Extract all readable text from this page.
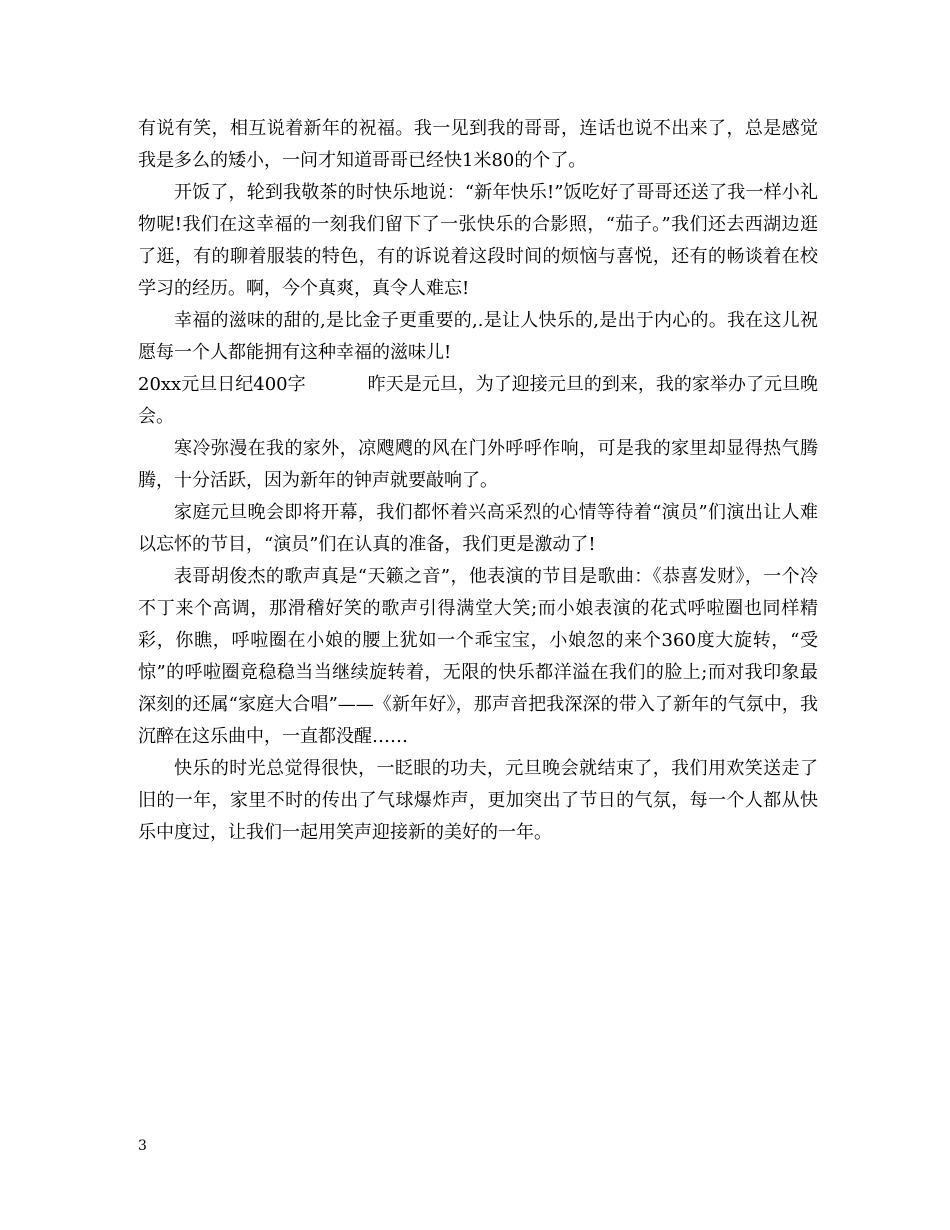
有说有笑，相互说着新年的祝福。我一见到我的哥哥，连话也说不出来了，总是感觉我是多么的矮小，一问才知道哥哥已经快1米80的个了。

开饭了，轮到我敬茶的时快乐地说：“新年快乐!”饭吃好了哥哥还送了我一样小礼物呢!我们在这幸福的一刻我们留下了一张快乐的合影照，“茄子。”我们还去西湖边逛了逛，有的聊着服装的特色，有的诉说着这段时间的烦恼与喜悦，还有的畅谈着在校学习的经历。啊，今个真爽，真令人难忘!

幸福的滋味的甜的,是比金子更重要的,.是让人快乐的,是出于内心的。我在这儿祝愿每一个人都能拥有这种幸福的滋味儿!

20xx元旦日纪400字	昨天是元旦，为了迎接元旦的到来，我的家举办了元旦晚会。

寒冷弥漫在我的家外，凉飕飕的风在门外呼呼作响，可是我的家里却显得热气腾腾，十分活跃，因为新年的钟声就要敲响了。

家庭元旦晚会即将开幕，我们都怀着兴高采烈的心情等待着“演员”们演出让人难以忘怀的节目，“演员”们在认真的准备，我们更是激动了!

表哥胡俊杰的歌声真是“天籁之音”，他表演的节目是歌曲：《恭喜发财》，一个冷不丁来个高调，那滑稽好笑的歌声引得满堂大笑;而小娘表演的花式呼啦圈也同样精彩，你瞧，呼啦圈在小娘的腰上犹如一个乖宝宝，小娘忽的来个360度大旋转，“受惊”的呼啦圈竟稳稳当当继续旋转着，无限的快乐都洋溢在我们的脸上;而对我印象最深刻的还属“家庭大合唱”——《新年好》，那声音把我深深的带入了新年的气氛中，我沉醉在这乐曲中，一直都没醒……

快乐的时光总觉得很快，一眨眼的功夫，元旦晚会就结束了，我们用欢笑送走了旧的一年，家里不时的传出了气球爆炸声，更加突出了节日的气氛，每一个人都从快乐中度过，让我们一起用笑声迎接新的美好的一年。

3
